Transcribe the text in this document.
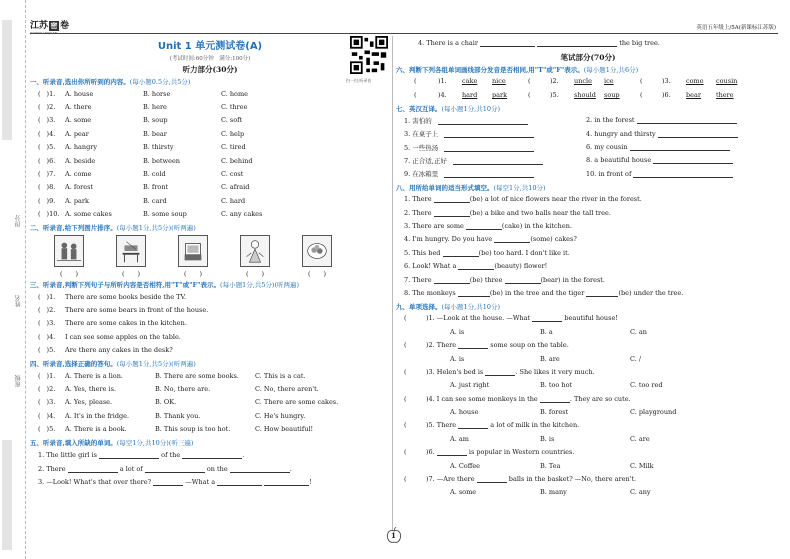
得分
姓名
班级
江苏 密 卷
JIANGSU MIJUAN
英语五年级上/5A(新课标江苏版)
Unit 1 单元测试卷(A)
(考试时间:60分钟　满分:100分)
听力部分(30分)
扫一扫,听录音
一、听录音,选出你所听到的内容。(每小题0.5分,共5分)
( )1.	A. house	B. horse	C. home
( )2.	A. there	B. here	C. three
( )3.	A. some	B. soup	C. soft
( )4.	A. pear	B. bear	C. help
( )5.	A. hangry	B. thirsty	C. tired
( )6.	A. beside	B. between	C. behind
( )7.	A. come	B. cold	C. cost
( )8.	A. forest	B. front	C. afraid
( )9.	A. park	B. card	C. hard
( )10. A. some cakes	B. some soup	C. any cakes
二、听录音,给下列图片排序。(每小题1分,共5分)(听两遍)
(　　)	(　　)	(　　)	(　　)	(　　)
三、听录音,判断下列句子与所听内容是否相符,用"T"或"F"表示。(每小题1分,共5分)(听两遍)
( )1.	There are some books beside the TV.
( )2.	There are some bears in front of the house.
( )3.	There are some cakes in the kitchen.
( )4.	I can see some apples on the table.
( )5.	Are there any cakes in the desk?
四、听录音,选择正确的答句。(每小题1分,共5分)(听两遍)
( )1.	A. There is a lion.	B. There are some books.	C. This is a cat.
( )2.	A. Yes, there is.	B. No, there are.	C. No, there aren't.
( )3.	A. Yes, please.	B. OK.	C. There are some cakes.
( )4.	A. It's in the fridge.	B. Thank you.	C. He's hungry.
( )5.	A. There is a book.	B. This soup is too hot.	C. How beautiful!
五、听录音,填入所缺的单词。(每空1分,共10分)(听三遍)
1.
The little girl is

	of the
	.
2.
There

	a lot of

	on the
	.
3.
—Look! What's that over there?

	—What a

	!
4.
There is a chair

	the big tree.
笔试部分(70分)
六、判断下列各组单词画线部分发音是否相同,用"T"或"F"表示。(每小题1分,共6分)
(	)1.	cake	nice	(	)2.	uncle	ice	(	)3.	come	cousin
(	)4.	hard	park	(	)5.	should	soup	(	)6.	bear	there
七、英汉互译。(每小题1分,共10分)
1. 害怕的	2. in the forest

3. 在桌子上	4. hungry and thirsty

5. 一些热汤	6. my cousin

7. 正合适,正好	8. a beautiful house

9. 在冰箱里	10. in front of

八、用所给单词的适当形式填空。(每空1分,共10分)
1.
There
	(be) a lot of nice flowers near the river in the forest.
2.
There
	(be) a bike and two balls near the tall tree.
3.
There are some
	(cake) in the kitchen.
4.
I'm hungry. Do you have
	(some) cakes?
5.
This bed
	(be) too hard. I don't like it.
6.
Look! What a
	(beauty) flower!
7.
There
	(be) three
	(bear) in the forest.
8.
The monkeys
	(be) in the tree and the tiger
	(be) under the tree.
九、单项选择。(每小题1分,共10分)
(	)1. —Look at the house. —What

	beautiful house!
A. is	B. a	C. an
(	)2. There

	some soup on the table.
A. is	B. are	C. /
(	)3. Helen's bed is
	. She likes it very much.
A. just right	B. too hot	C. too red
(	)4. I can see some monkeys in the
	. They are so cute.
A. house	B. forest	C. playground
(	)5. There

	a lot of milk in the kitchen.
A. am	B. is	C. are
(	)6.

	is popular in Western countries.
A. Coffee	B. Tea	C. Milk
(	)7. —Are there

	balls in the basket? —No, there aren't.
A. some	B. many	C. any
1
